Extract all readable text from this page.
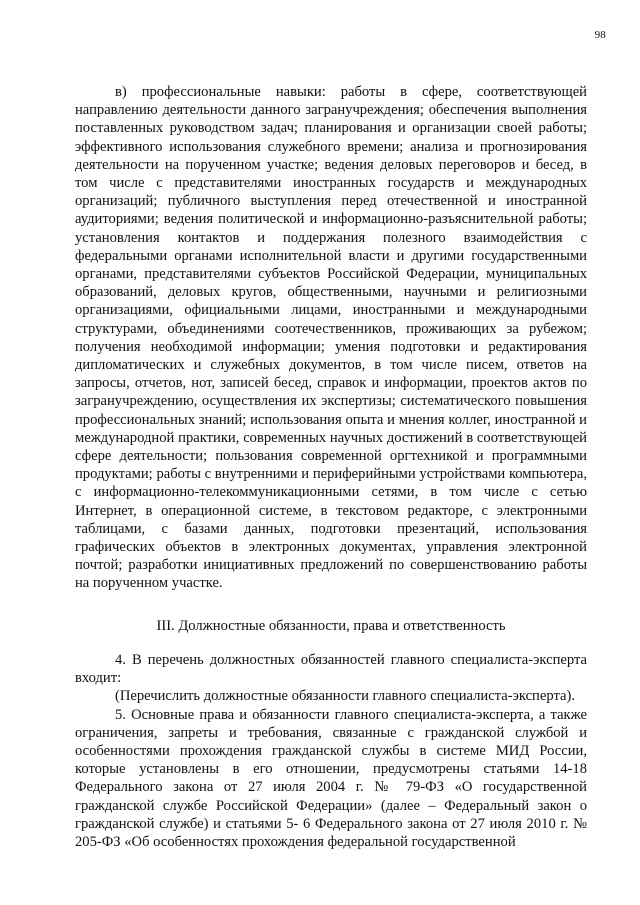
98

в) профессиональные навыки: работы в сфере, соответствующей направлению деятельности данного загранучреждения; обеспечения выполнения поставленных руководством задач; планирования и организации своей работы; эффективного использования служебного времени; анализа и прогнозирования деятельности на порученном участке; ведения деловых переговоров и бесед, в том числе с представителями иностранных государств и международных организаций; публичного выступления перед отечественной и иностранной аудиториями; ведения политической и информационно-разъяснительной работы; установления контактов и поддержания полезного взаимодействия с федеральными органами исполнительной власти и другими государственными органами, представителями субъектов Российской Федерации, муниципальных образований, деловых кругов, общественными, научными и религиозными организациями, официальными лицами, иностранными и международными структурами, объединениями соотечественников, проживающих за рубежом; получения необходимой информации; умения подготовки и редактирования дипломатических и служебных документов, в том числе писем, ответов на запросы, отчетов, нот, записей бесед, справок и информации, проектов актов по загранучреждению, осуществления их экспертизы; систематического повышения профессиональных знаний; использования опыта и мнения коллег, иностранной и международной практики, современных научных достижений в соответствующей сфере деятельности; пользования современной оргтехникой и программными продуктами; работы с внутренними и периферийными устройствами компьютера, с информационно-телекоммуникационными сетями, в том числе с сетью Интернет, в операционной системе, в текстовом редакторе, с электронными таблицами, с базами данных, подготовки презентаций, использования графических объектов в электронных документах, управления электронной почтой; разработки инициативных предложений по совершенствованию работы на порученном участке.

III. Должностные обязанности, права и ответственность

4. В перечень должностных обязанностей главного специалиста-эксперта входит:

(Перечислить должностные обязанности главного специалиста-эксперта).

5. Основные права и обязанности главного специалиста-эксперта, а также ограничения, запреты и требования, связанные с гражданской службой и особенностями прохождения гражданской службы в системе МИД России, которые установлены в его отношении, предусмотрены статьями 14-18 Федерального закона от 27 июля 2004 г. № 79-ФЗ «О государственной гражданской службе Российской Федерации» (далее – Федеральный закон о гражданской службе) и статьями 5- 6 Федерального закона от 27 июля 2010 г. № 205-ФЗ «Об особенностях прохождения федеральной государственной
